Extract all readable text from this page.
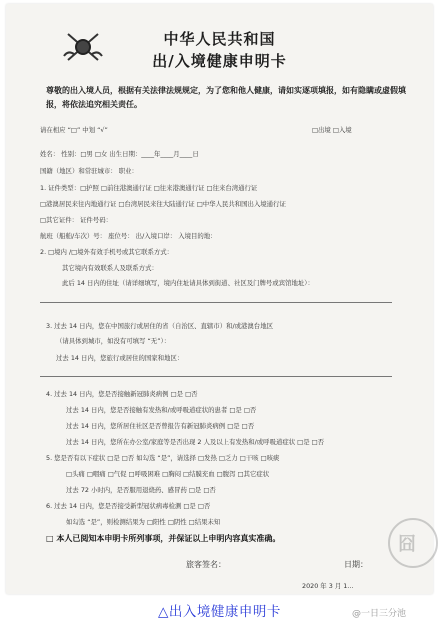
中华人民共和国
出/入境健康申明卡
尊敬的出入境人员，根据有关法律法规规定，为了您和他人健康，请如实逐项填报，如有隐瞒或虚假填报，将依法追究相关责任。
请在相应 “□” 中划 “√”	□出境 □入境
姓名： 性别：□男 □女 出生日期：____年____月____日
国籍（地区）和常驻城市： 职业：
1. 证件类型：□护照 □前往港澳通行证 □往来港澳通行证 □往来台湾通行证
□港澳居民来往内地通行证 □台湾居民来往大陆通行证 □中华人民共和国出入境通行证
□其它证件： 证件号码：
航班（船舶/车次）号： 座位号： 出/入境口岸： 入境目的地：
2. □境内 /□境外有效手机号或其它联系方式：
其它境内有效联系人及联系方式：
此后 14 日内的住址（请详细填写，境内住址请具体到街道、社区及门牌号或宾馆地址）：
3. 过去 14 日内，您在中国旅行或居住的省（自治区、直辖市）和/或港澳台地区
（请具体到城市，如没有可填写 “无”）：
过去 14 日内，您旅行或居住的国家和地区：
4. 过去 14 日内，您是否接触新冠肺炎病例 □是 □否
过去 14 日内，您是否接触有发热和/或呼吸道症状的患者 □是 □否
过去 14 日内，您所居住社区是否曾报告有新冠肺炎病例 □是 □否
过去 14 日内，您所在办公室/家庭等是否出现 2 人及以上有发热和/或呼吸道症状 □是 □否
5. 您是否有以下症状 □是 □否 如勾选 “是”，请选择 □发热 □乏力 □干咳 □咳痰
□头痛 □咽痛 □气促 □呼吸困难 □胸闷 □结膜充血 □腹泻 □其它症状
过去 72 小时内，是否服用退烧药、感冒药 □是 □否
6. 过去 14 日内，您是否接受新型冠状病毒检测 □是 □否
如勾选 “是”，则检测结果为 □阳性 □阴性 □结果未知
□ 本人已阅知本申明卡所列事项，并保证以上申明内容真实准确。
旅客签名：	日期：
2020 年 3 月 1...
囧
△出入境健康申明卡	@一日三分池
